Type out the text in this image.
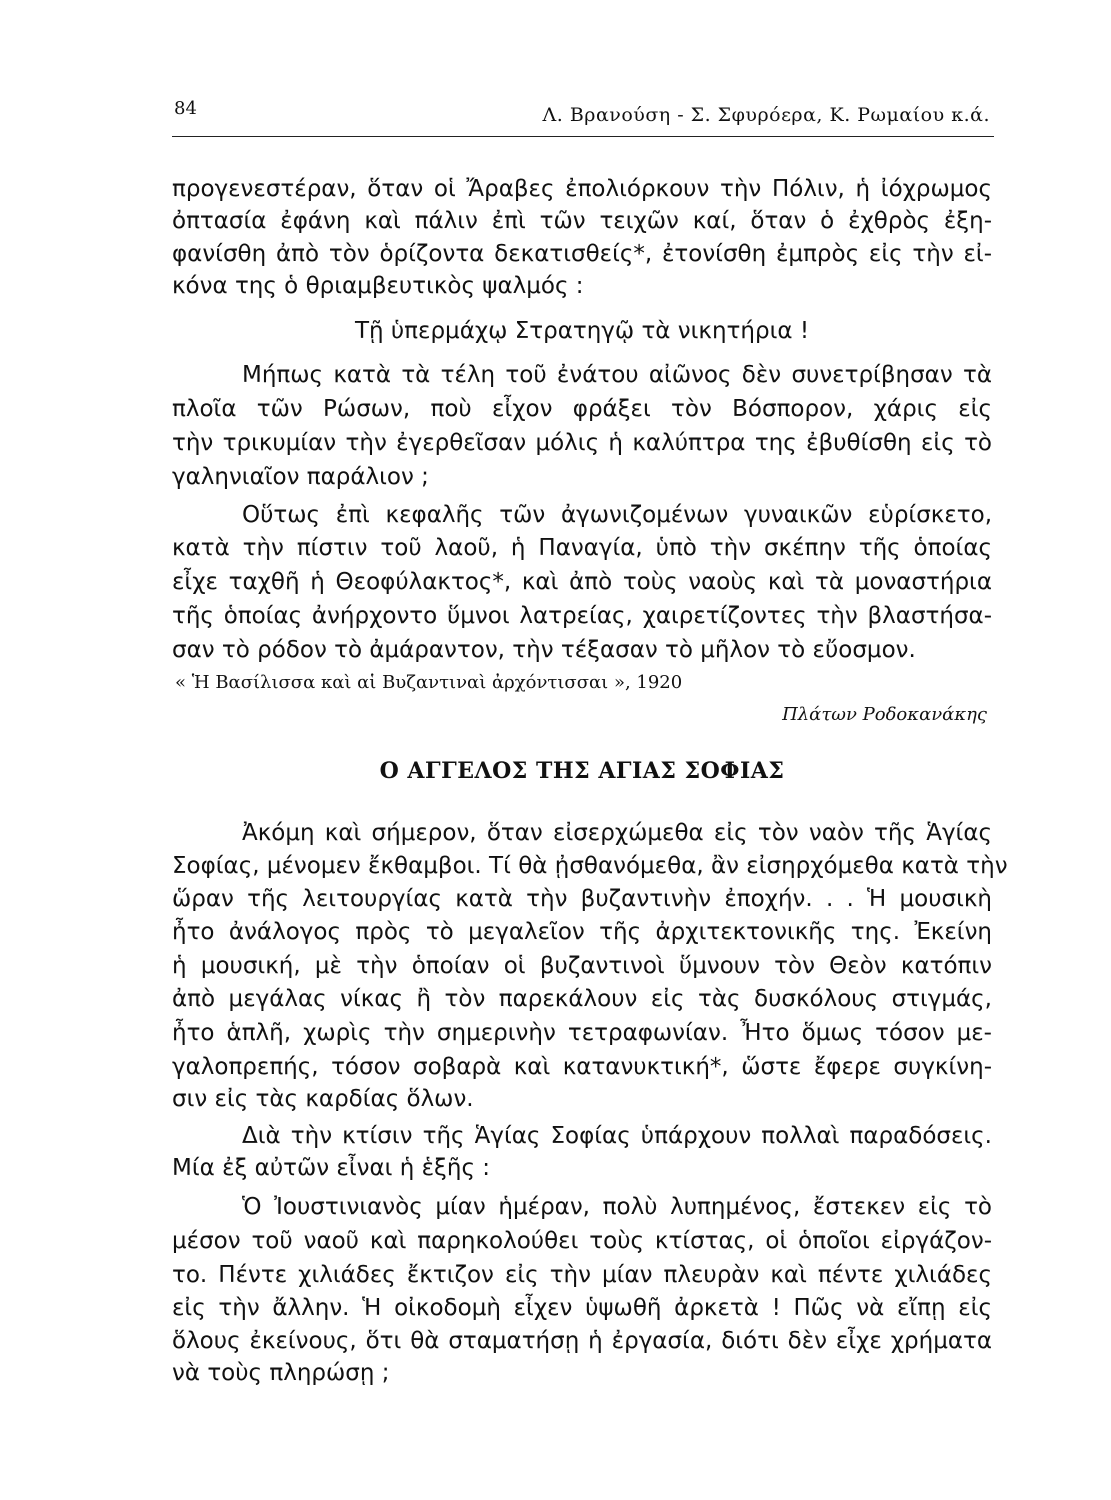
84	Λ. Βρανούση - Σ. Σφυρόερα, Κ. Ρωμαίου κ.ά.
προγενεστέραν, ὅταν οἱ Ἄραβες ἐπολιόρκουν τὴν Πόλιν, ἡ ἰόχρωμος
ὀπτασία ἐφάνη καὶ πάλιν ἐπὶ τῶν τειχῶν καί, ὅταν ὁ ἐχθρὸς ἐξη-
φανίσθη ἀπὸ τὸν ὁρίζοντα δεκατισθείς*, ἐτονίσθη ἐμπρὸς εἰς τὴν εἰ-
κόνα της ὁ θριαμβευτικὸς ψαλμός :
Τῇ ὑπερμάχῳ Στρατηγῷ τὰ νικητήρια !
Μήπως κατὰ τὰ τέλη τοῦ ἐνάτου αἰῶνος δὲν συνετρίβησαν τὰ
πλοῖα τῶν Ρώσων, ποὺ εἶχον φράξει τὸν Βόσπορον, χάρις εἰς
τὴν τρικυμίαν τὴν ἐγερθεῖσαν μόλις ἡ καλύπτρα της ἐβυθίσθη εἰς τὸ
γαληνιαῖον παράλιον ;
Οὕτως ἐπὶ κεφαλῆς τῶν ἀγωνιζομένων γυναικῶν εὑρίσκετο,
κατὰ τὴν πίστιν τοῦ λαοῦ, ἡ Παναγία, ὑπὸ τὴν σκέπην τῆς ὁποίας
εἶχε ταχθῆ ἡ Θεοφύλακτος*, καὶ ἀπὸ τοὺς ναοὺς καὶ τὰ μοναστήρια
τῆς ὁποίας ἀνήρχοντο ὕμνοι λατρείας, χαιρετίζοντες τὴν βλαστήσα-
σαν τὸ ρόδον τὸ ἀμάραντον, τὴν τέξασαν τὸ μῆλον τὸ εὔοσμον.
« Ἡ Βασίλισσα καὶ αἱ Βυζαντιναὶ ἀρχόντισσαι », 1920
Πλάτων Ροδοκανάκης
Ο ΑΓΓΕΛΟΣ ΤΗΣ ΑΓΙΑΣ ΣΟΦΙΑΣ
Ἀκόμη καὶ σήμερον, ὅταν εἰσερχώμεθα εἰς τὸν ναὸν τῆς Ἁγίας
Σοφίας, μένομεν ἔκθαμβοι. Τί θὰ ᾐσθανόμεθα, ἂν εἰσηρχόμεθα κατὰ τὴν
ὥραν τῆς λειτουργίας κατὰ τὴν βυζαντινὴν ἐποχήν. . . Ἡ μουσικὴ
ἦτο ἀνάλογος πρὸς τὸ μεγαλεῖον τῆς ἀρχιτεκτονικῆς της. Ἐκείνη
ἡ μουσική, μὲ τὴν ὁποίαν οἱ βυζαντινοὶ ὕμνουν τὸν Θεὸν κατόπιν
ἀπὸ μεγάλας νίκας ἢ τὸν παρεκάλουν εἰς τὰς δυσκόλους στιγμάς,
ἦτο ἁπλῆ, χωρὶς τὴν σημερινὴν τετραφωνίαν. Ἦτο ὅμως τόσον με-
γαλοπρεπής, τόσον σοβαρὰ καὶ κατανυκτική*, ὥστε ἔφερε συγκίνη-
σιν εἰς τὰς καρδίας ὅλων.
Διὰ τὴν κτίσιν τῆς Ἁγίας Σοφίας ὑπάρχουν πολλαὶ παραδόσεις.
Μία ἐξ αὐτῶν εἶναι ἡ ἑξῆς :
Ὁ Ἰουστινιανὸς μίαν ἡμέραν, πολὺ λυπημένος, ἔστεκεν εἰς τὸ
μέσον τοῦ ναοῦ καὶ παρηκολούθει τοὺς κτίστας, οἱ ὁποῖοι εἰργάζον-
το. Πέντε χιλιάδες ἔκτιζον εἰς τὴν μίαν πλευρὰν καὶ πέντε χιλιάδες
εἰς τὴν ἄλλην. Ἡ οἰκοδομὴ εἶχεν ὑψωθῆ ἀρκετὰ ! Πῶς νὰ εἴπῃ εἰς
ὅλους ἐκείνους, ὅτι θὰ σταματήσῃ ἡ ἐργασία, διότι δὲν εἶχε χρήματα
νὰ τοὺς πληρώσῃ ;
